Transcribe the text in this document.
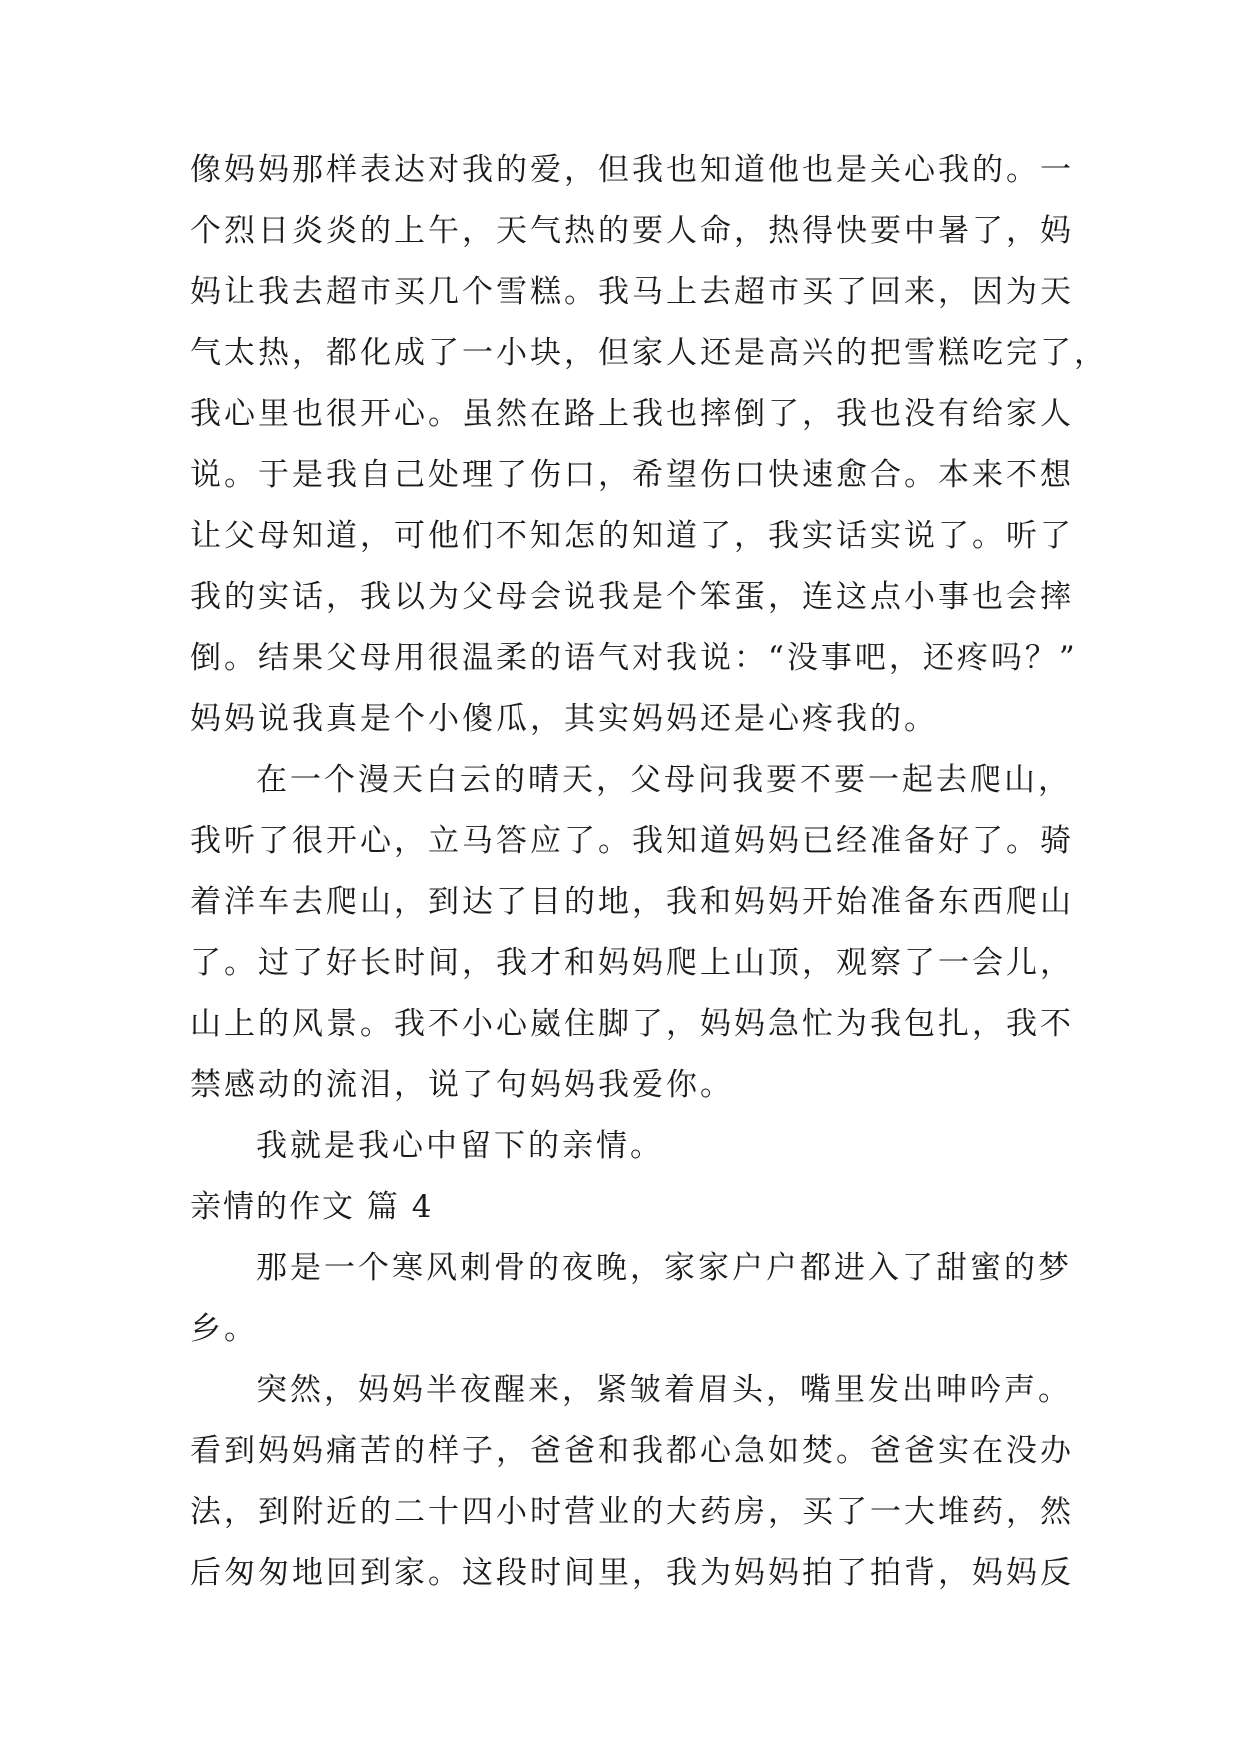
像妈妈那样表达对我的爱，但我也知道他也是关心我的。一
个烈日炎炎的上午，天气热的要人命，热得快要中暑了，妈
妈让我去超市买几个雪糕。我马上去超市买了回来，因为天
气太热，都化成了一小块，但家人还是高兴的把雪糕吃完了，
我心里也很开心。虽然在路上我也摔倒了，我也没有给家人
说。于是我自己处理了伤口，希望伤口快速愈合。本来不想
让父母知道，可他们不知怎的知道了，我实话实说了。听了
我的实话，我以为父母会说我是个笨蛋，连这点小事也会摔
倒。结果父母用很温柔的语气对我说：“没事吧，还疼吗？”
妈妈说我真是个小傻瓜，其实妈妈还是心疼我的。
在一个漫天白云的晴天，父母问我要不要一起去爬山，
我听了很开心，立马答应了。我知道妈妈已经准备好了。骑
着洋车去爬山，到达了目的地，我和妈妈开始准备东西爬山
了。过了好长时间，我才和妈妈爬上山顶，观察了一会儿，
山上的风景。我不小心崴住脚了，妈妈急忙为我包扎，我不
禁感动的流泪，说了句妈妈我爱你。
我就是我心中留下的亲情。
亲情的作文 篇 4
那是一个寒风刺骨的夜晚，家家户户都进入了甜蜜的梦
乡。
突然，妈妈半夜醒来，紧皱着眉头，嘴里发出呻吟声。
看到妈妈痛苦的样子，爸爸和我都心急如焚。爸爸实在没办
法，到附近的二十四小时营业的大药房，买了一大堆药，然
后匆匆地回到家。这段时间里，我为妈妈拍了拍背，妈妈反
